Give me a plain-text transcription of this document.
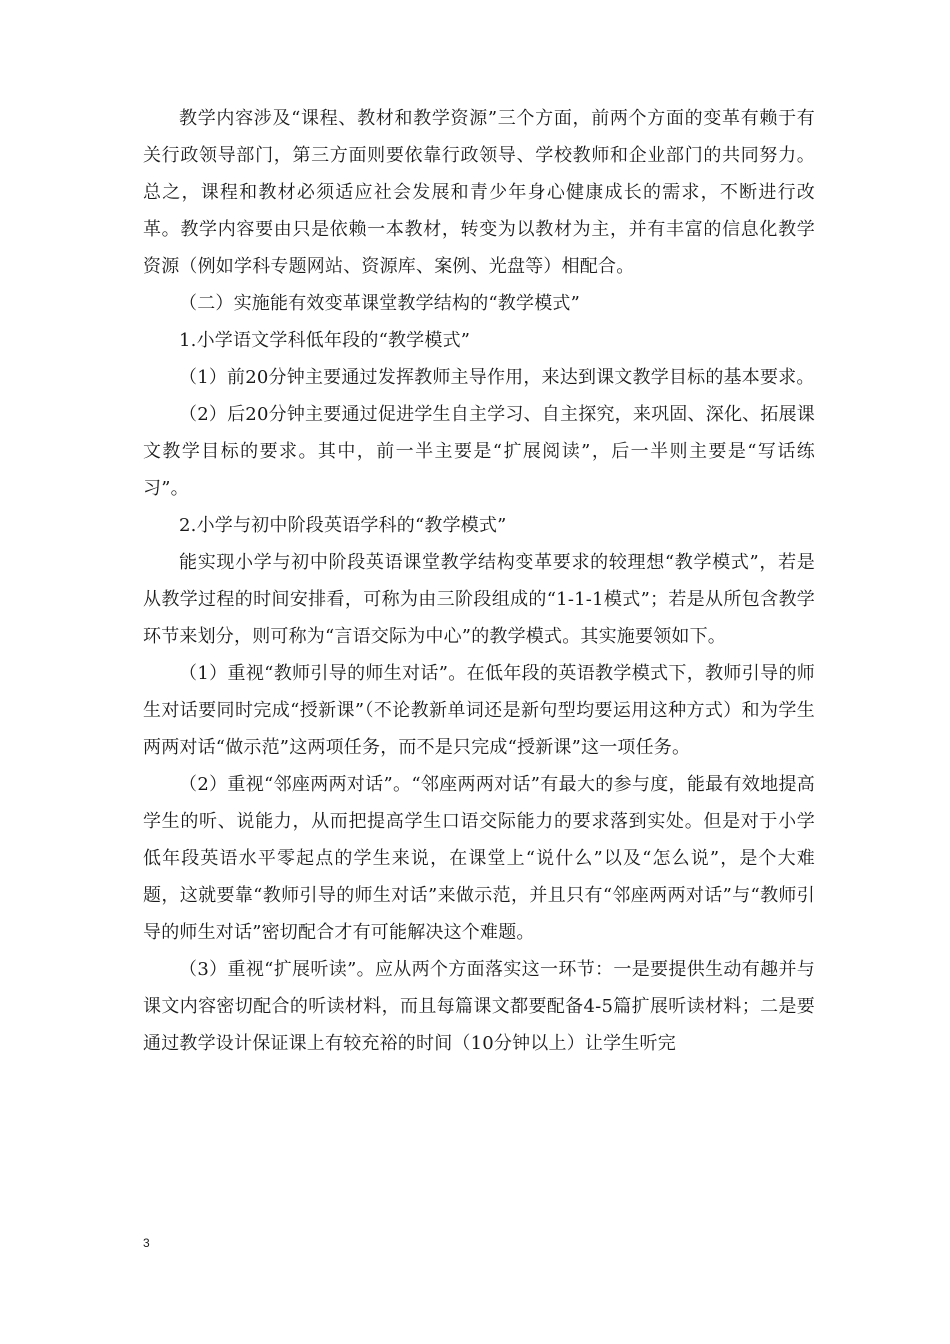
教学内容涉及“课程、教材和教学资源”三个方面，前两个方面的变革有赖于有关行政领导部门，第三方面则要依靠行政领导、学校教师和企业部门的共同努力。总之，课程和教材必须适应社会发展和青少年身心健康成长的需求，不断进行改革。教学内容要由只是依赖一本教材，转变为以教材为主，并有丰富的信息化教学资源（例如学科专题网站、资源库、案例、光盘等）相配合。

（二）实施能有效变革课堂教学结构的“教学模式”

1.小学语文学科低年段的“教学模式”

（1）前20分钟主要通过发挥教师主导作用，来达到课文教学目标的基本要求。

（2）后20分钟主要通过促进学生自主学习、自主探究，来巩固、深化、拓展课文教学目标的要求。其中，前一半主要是“扩展阅读”，后一半则主要是“写话练习”。

2.小学与初中阶段英语学科的“教学模式”

能实现小学与初中阶段英语课堂教学结构变革要求的较理想“教学模式”，若是从教学过程的时间安排看，可称为由三阶段组成的“1-1-1模式”；若是从所包含教学环节来划分，则可称为“言语交际为中心”的教学模式。其实施要领如下。

（1）重视“教师引导的师生对话”。在低年段的英语教学模式下，教师引导的师生对话要同时完成“授新课”（不论教新单词还是新句型均要运用这种方式）和为学生两两对话“做示范”这两项任务，而不是只完成“授新课”这一项任务。

（2）重视“邻座两两对话”。“邻座两两对话”有最大的参与度，能最有效地提高学生的听、说能力，从而把提高学生口语交际能力的要求落到实处。但是对于小学低年段英语水平零起点的学生来说，在课堂上“说什么”以及“怎么说”，是个大难题，这就要靠“教师引导的师生对话”来做示范，并且只有“邻座两两对话”与“教师引导的师生对话”密切配合才有可能解决这个难题。

（3）重视“扩展听读”。应从两个方面落实这一环节：一是要提供生动有趣并与课文内容密切配合的听读材料，而且每篇课文都要配备4-5篇扩展听读材料；二是要通过教学设计保证课上有较充裕的时间（10分钟以上）让学生听完

3
